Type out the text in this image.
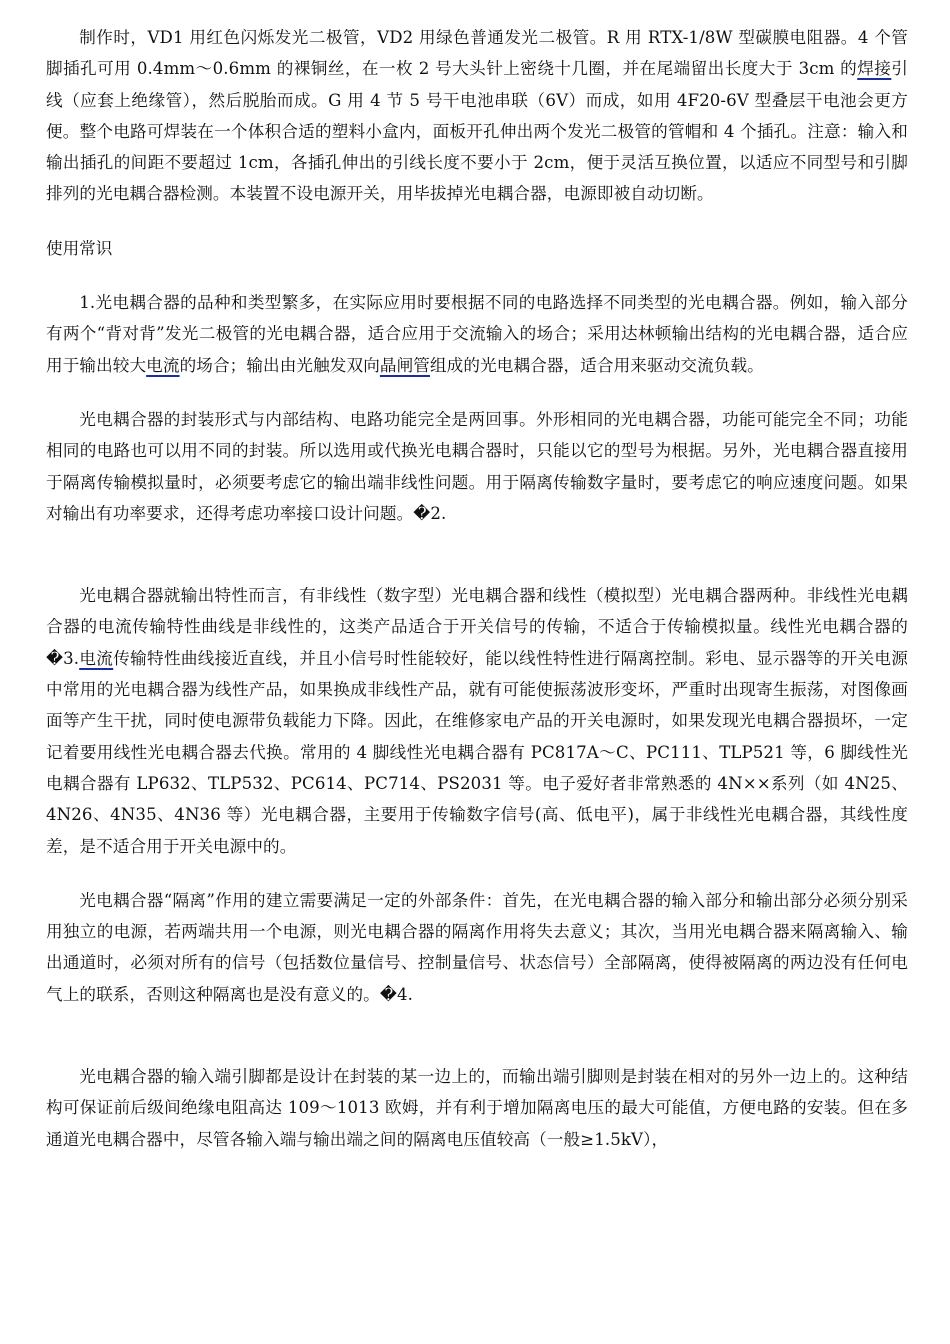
制作时，VD1 用红色闪烁发光二极管，VD2 用绿色普通发光二极管。R 用 RTX-1/8W 型碳膜电阻器。4 个管脚插孔可用 0.4mm～0.6mm 的裸铜丝，在一枚 2 号大头针上密绕十几圈，并在尾端留出长度大于 3cm 的焊接引线（应套上绝缘管），然后脱胎而成。G 用 4 节 5 号干电池串联（6V）而成，如用 4F20-6V 型叠层干电池会更方便。整个电路可焊装在一个体积合适的塑料小盒内，面板开孔伸出两个发光二极管的管帽和 4 个插孔。注意：输入和输出插孔的间距不要超过 1cm，各插孔伸出的引线长度不要小于 2cm，便于灵活互换位置，以适应不同型号和引脚排列的光电耦合器检测。本装置不设电源开关，用毕拔掉光电耦合器，电源即被自动切断。

使用常识

1.光电耦合器的品种和类型繁多，在实际应用时要根据不同的电路选择不同类型的光电耦合器。例如，输入部分有两个“背对背”发光二极管的光电耦合器，适合应用于交流输入的场合；采用达林顿输出结构的光电耦合器，适合应用于输出较大电流的场合；输出由光触发双向晶闸管组成的光电耦合器，适合用来驱动交流负载。

光电耦合器的封装形式与内部结构、电路功能完全是两回事。外形相同的光电耦合器，功能可能完全不同；功能相同的电路也可以用不同的封装。所以选用或代换光电耦合器时，只能以它的型号为根据。另外，光电耦合器直接用于隔离传输模拟量时，必须要考虑它的输出端非线性问题。用于隔离传输数字量时，要考虑它的响应速度问题。如果对输出有功率要求，还得考虑功率接口设计问题。�2.

光电耦合器就输出特性而言，有非线性（数字型）光电耦合器和线性（模拟型）光电耦合器两种。非线性光电耦合器的电流传输特性曲线是非线性的，这类产品适合于开关信号的传输，不适合于传输模拟量。线性光电耦合器的�3.电流传输特性曲线接近直线，并且小信号时性能较好，能以线性特性进行隔离控制。彩电、显示器等的开关电源中常用的光电耦合器为线性产品，如果换成非线性产品，就有可能使振荡波形变坏，严重时出现寄生振荡，对图像画面等产生干扰，同时使电源带负载能力下降。因此，在维修家电产品的开关电源时，如果发现光电耦合器损坏，一定记着要用线性光电耦合器去代换。常用的 4 脚线性光电耦合器有 PC817A～C、PC111、TLP521 等，6 脚线性光电耦合器有 LP632、TLP532、PC614、PC714、PS2031 等。电子爱好者非常熟悉的 4N××系列（如 4N25、4N26、4N35、4N36 等）光电耦合器，主要用于传输数字信号(高、低电平)，属于非线性光电耦合器，其线性度差，是不适合用于开关电源中的。

光电耦合器“隔离”作用的建立需要满足一定的外部条件：首先，在光电耦合器的输入部分和输出部分必须分别采用独立的电源，若两端共用一个电源，则光电耦合器的隔离作用将失去意义；其次，当用光电耦合器来隔离输入、输出通道时，必须对所有的信号（包括数位量信号、控制量信号、状态信号）全部隔离，使得被隔离的两边没有任何电气上的联系，否则这种隔离也是没有意义的。�4.

光电耦合器的输入端引脚都是设计在封装的某一边上的，而输出端引脚则是封装在相对的另外一边上的。这种结构可保证前后级间绝缘电阻高达 109～1013 欧姆，并有利于增加隔离电压的最大可能值，方便电路的安装。但在多通道光电耦合器中，尽管各输入端与输出端之间的隔离电压值较高（一般≥1.5kV），
